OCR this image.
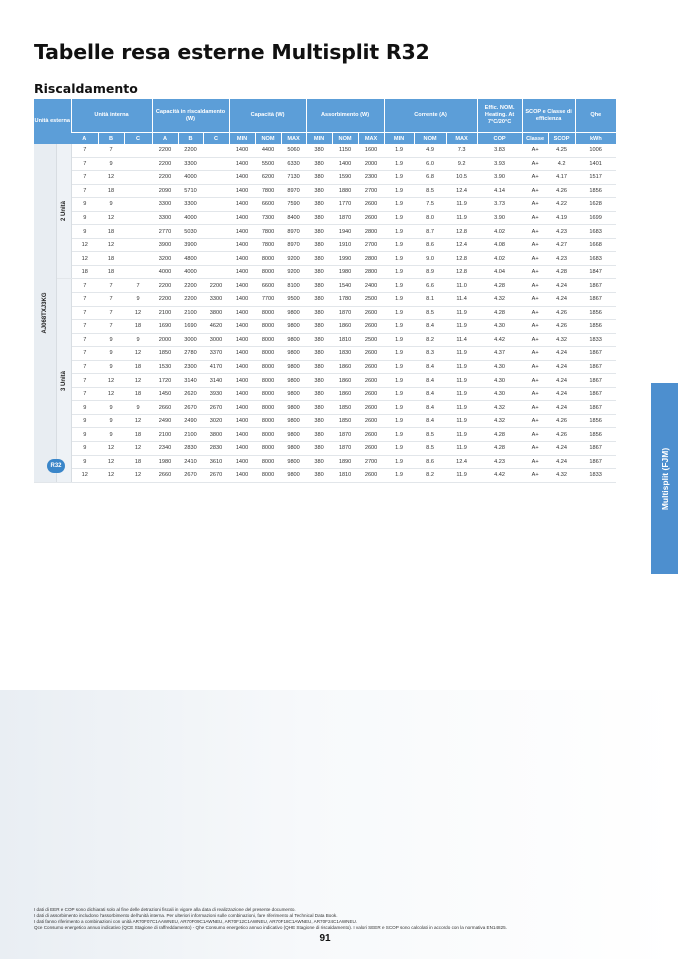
Tabelle resa esterne Multisplit R32
Riscaldamento
Unità esterna		Unità interna			Capacità in riscaldamento (W)			Capacità (W)			Assorbimento (W)			Corrente (A)			Effic. NOM. Heating. At 7°C/20°C	SCOP e Classe di efficienza		Qhe
		A	B	C	A	B	C	MIN	NOM	MAX	MIN	NOM	MAX	MIN	NOM	MAX	COP	Classe	SCOP	kWh

AJ068TXJ3KG	2 Unità	7	7		2200	2200		1400	4400	5060	380	1150	1600	1.9	4.9	7.3	3.83	A+	4.25	1006
		7	9		2200	3300		1400	5500	6330	380	1400	2000	1.9	6.0	9.2	3.93	A+	4.2	1401
		7	12		2200	4000		1400	6200	7130	380	1590	2300	1.9	6.8	10.5	3.90	A+	4.17	1517
		7	18		2090	5710		1400	7800	8970	380	1880	2700	1.9	8.5	12.4	4.14	A+	4.26	1856
		9	9		3300	3300		1400	6600	7590	380	1770	2600	1.9	7.5	11.9	3.73	A+	4.22	1628
		9	12		3300	4000		1400	7300	8400	380	1870	2600	1.9	8.0	11.9	3.90	A+	4.19	1699
		9	18		2770	5030		1400	7800	8970	380	1940	2800	1.9	8.7	12.8	4.02	A+	4.23	1683
		12	12		3900	3900		1400	7800	8970	380	1910	2700	1.9	8.6	12.4	4.08	A+	4.27	1668
		12	18		3200	4800		1400	8000	9200	380	1990	2800	1.9	9.0	12.8	4.02	A+	4.23	1683
		18	18		4000	4000		1400	8000	9200	380	1980	2800	1.9	8.9	12.8	4.04	A+	4.28	1847

	3 Unità	7	7	7	2200	2200	2200	1400	6600	8100	380	1540	2400	1.9	6.6	11.0	4.28	A+	4.24	1867
		7	7	9	2200	2200	3300	1400	7700	9500	380	1780	2500	1.9	8.1	11.4	4.32	A+	4.24	1867
		7	7	12	2100	2100	3800	1400	8000	9800	380	1870	2600	1.9	8.5	11.9	4.28	A+	4.26	1856
		7	7	18	1690	1690	4620	1400	8000	9800	380	1860	2600	1.9	8.4	11.9	4.30	A+	4.26	1856
		7	9	9	2000	3000	3000	1400	8000	9800	380	1810	2500	1.9	8.2	11.4	4.42	A+	4.32	1833
		7	9	12	1850	2780	3370	1400	8000	9800	380	1830	2600	1.9	8.3	11.9	4.37	A+	4.24	1867
		7	9	18	1530	2300	4170	1400	8000	9800	380	1860	2600	1.9	8.4	11.9	4.30	A+	4.24	1867
		7	12	12	1720	3140	3140	1400	8000	9800	380	1860	2600	1.9	8.4	11.9	4.30	A+	4.24	1867
		7	12	18	1450	2620	3930	1400	8000	9800	380	1860	2600	1.9	8.4	11.9	4.30	A+	4.24	1867
		9	9	9	2660	2670	2670	1400	8000	9800	380	1850	2600	1.9	8.4	11.9	4.32	A+	4.24	1867
		9	9	12	2490	2490	3020	1400	8000	9800	380	1850	2600	1.9	8.4	11.9	4.32	A+	4.26	1856
		9	9	18	2100	2100	3800	1400	8000	9800	380	1870	2600	1.9	8.5	11.9	4.28	A+	4.26	1856
		9	12	12	2340	2830	2830	1400	8000	9800	380	1870	2600	1.9	8.5	11.9	4.28	A+	4.24	1867
		9	12	18	1980	2410	3610	1400	8000	9800	380	1890	2700	1.9	8.6	12.4	4.23	A+	4.24	1867
		12	12	12	2660	2670	2670	1400	8000	9800	380	1810	2600	1.9	8.2	11.9	4.42	A+	4.32	1833
R32	Multisplit (FJM)

I dati di EER e COP sono dichiarati solo al fine delle detrazioni fiscali in vigore alla data di realizzazione del presente documento.

I dati di assorbimento includono l'assorbimento dell'unità interna. Per ulteriori informazioni sulle combinazioni, fare riferimento al Technical Data Book.

I dati fanno riferimento a combinazioni con unità AR70F07C1AAWNEU, AR70F09C1AWNEU, AR70F12C1AWNEU, AR70F18C1AWNEU, AR70F24C1AWNEU.

Qce Consumo energetico annuo indicativo (QCE Stagione di raffreddamento) - Qhe Consumo energetico annuo indicativo (QHE Stagione di riscaldamento). I valori SEER e SCOP sono calcolati in accordo con la normativa EN14825.

91
